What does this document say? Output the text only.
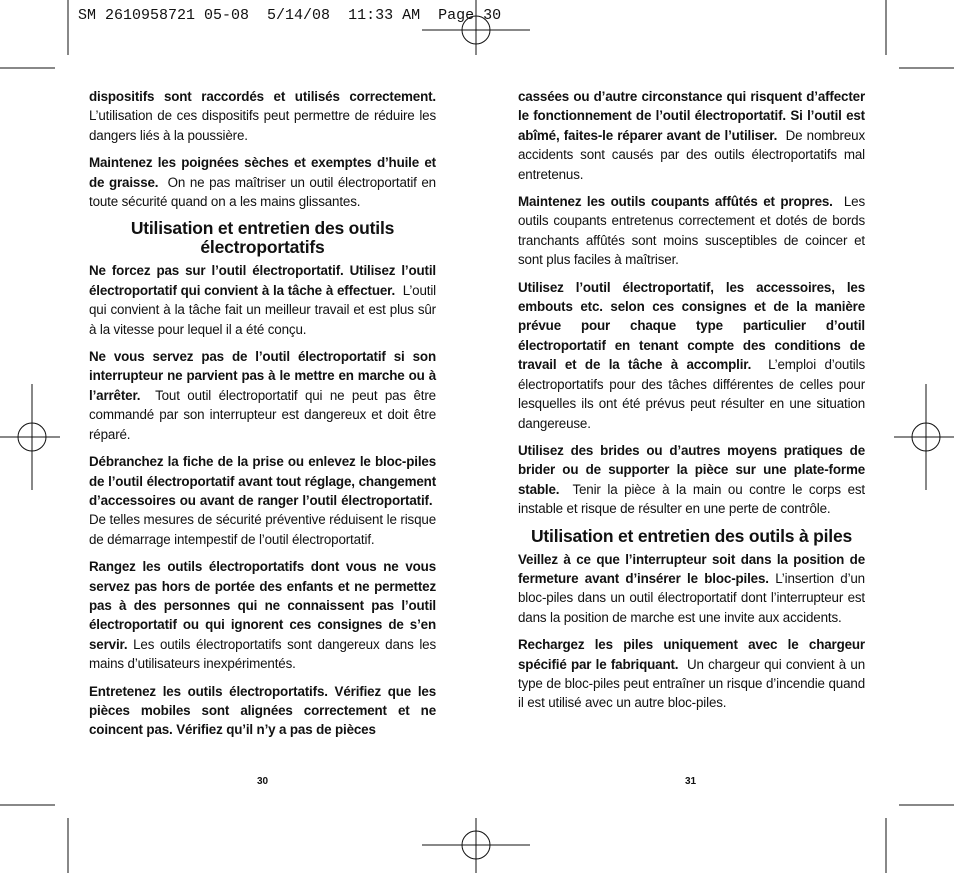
SM 2610958721 05-08 5/14/08 11:33 AM Page 30

dispositifs sont raccordés et utilisés correctement. L’utilisation de ces dispositifs peut permettre de réduire les dangers liés à la poussière.

Maintenez les poignées sèches et exemptes d’huile et de graisse. On ne pas maîtriser un outil électroportatif en toute sécurité quand on a les mains glissantes.

Utilisation et entretien des outils électroportatifs

Ne forcez pas sur l’outil électroportatif. Utilisez l’outil électroportatif qui convient à la tâche à effectuer. L’outil qui convient à la tâche fait un meilleur travail et est plus sûr à la vitesse pour lequel il a été conçu.

Ne vous servez pas de l’outil électroportatif si son interrupteur ne parvient pas à le mettre en marche ou à l’arrêter. Tout outil électroportatif qui ne peut pas être commandé par son interrupteur est dangereux et doit être réparé.

Débranchez la fiche de la prise ou enlevez le bloc-piles de l’outil électroportatif avant tout réglage, changement d’accessoires ou avant de ranger l’outil électroportatif.  De telles mesures de sécurité préventive réduisent le risque de démarrage intempestif de l’outil électroportatif.

Rangez les outils électroportatifs dont vous ne vous servez pas hors de portée des enfants et ne permettez pas à des personnes qui ne connaissent pas l’outil électroportatif ou qui ignorent ces consignes de s’en servir. Les outils électroportatifs sont dangereux dans les mains d’utilisateurs inexpérimentés.

Entretenez les outils électroportatifs. Vérifiez que les pièces mobiles sont alignées correctement et ne coincent pas. Vérifiez qu’il n’y a pas de pièces

30

cassées ou d’autre circonstance qui risquent d’affecter le fonctionnement de l’outil électroportatif. Si l’outil est abîmé, faites-le réparer avant de l’utiliser. De nombreux accidents sont causés par des outils électroportatifs mal entretenus.

Maintenez les outils coupants affûtés et propres. Les outils coupants entretenus correctement et dotés de bords tranchants affûtés sont moins susceptibles de coincer et sont plus faciles à maîtriser.

Utilisez l’outil électroportatif, les accessoires, les embouts etc. selon ces consignes et de la manière prévue pour chaque type particulier d’outil électroportatif en tenant compte des conditions de travail et de la tâche à accomplir. L’emploi d’outils électroportatifs pour des tâches différentes de celles pour lesquelles ils ont été prévus peut résulter en une situation dangereuse.

Utilisez des brides ou d’autres moyens pratiques de brider ou de supporter la pièce sur une plate-forme stable. Tenir la pièce à la main ou contre le corps est instable et risque de résulter en une perte de contrôle.

Utilisation et entretien des outils à piles

Veillez à ce que l’interrupteur soit dans la position de fermeture avant d’insérer le bloc-piles. L’insertion d’un bloc-piles dans un outil électroportatif dont l’interrupteur est dans la position de marche est une invite aux accidents.

Rechargez les piles uniquement avec le chargeur spécifié par le fabriquant. Un chargeur qui convient à un type de bloc-piles peut entraîner un risque d’incendie quand il est utilisé avec un autre bloc-piles.

31
